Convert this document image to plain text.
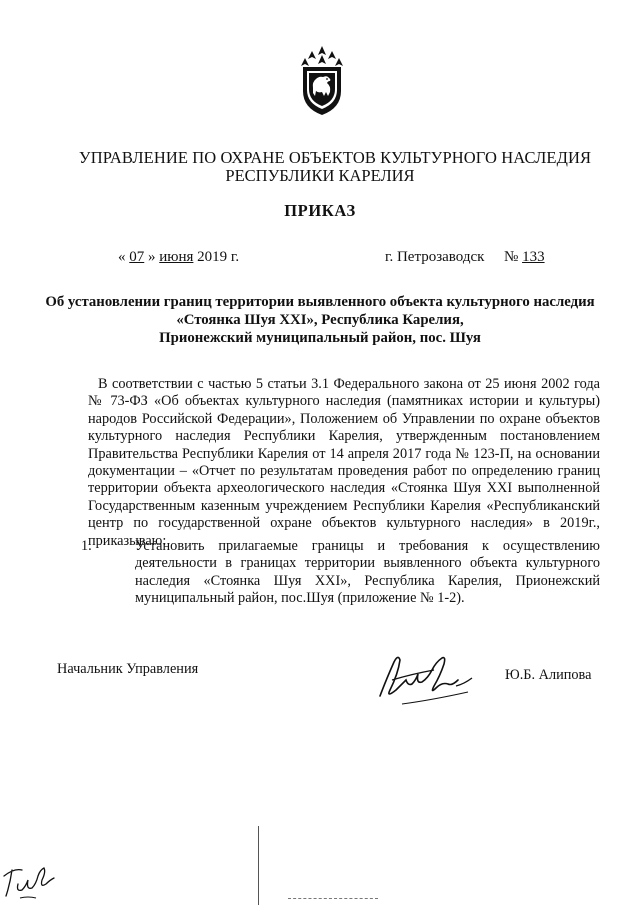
УПРАВЛЕНИЕ ПО ОХРАНЕ ОБЪЕКТОВ КУЛЬТУРНОГО НАСЛЕДИЯ
РЕСПУБЛИКИ КАРЕЛИЯ
ПРИКАЗ
« 07 » июня 2019 г.	г. Петрозаводск № 133
Об установлении границ территории выявленного объекта культурного наследия
«Стоянка Шуя XXI», Республика Карелия,
Прионежский муниципальный район, пос. Шуя

В соответствии с частью 5 статьи 3.1 Федерального закона от 25 июня 2002 года № 73-ФЗ «Об объектах культурного наследия (памятниках истории и культуры) народов Российской Федерации», Положением об Управлении по охране объектов культурного наследия Республики Карелия, утвержденным постановлением Правительства Республики Карелия от 14 апреля 2017 года № 123-П, на основании документации – «Отчет по результатам проведения работ по определению границ территории объекта археологического наследия «Стоянка Шуя XXI выполненной Государственным казенным учреждением Республики Карелия «Республиканский центр по государственной охране объектов культурного наследия» в 2019г., приказываю:

1.	Установить прилагаемые границы и требования к осуществлению деятельности в границах территории выявленного объекта культурного наследия «Стоянка Шуя XXI», Республика Карелия, Прионежский муниципальный район, пос.Шуя (приложение № 1-2).
Начальник Управления	Ю.Б. Алипова
